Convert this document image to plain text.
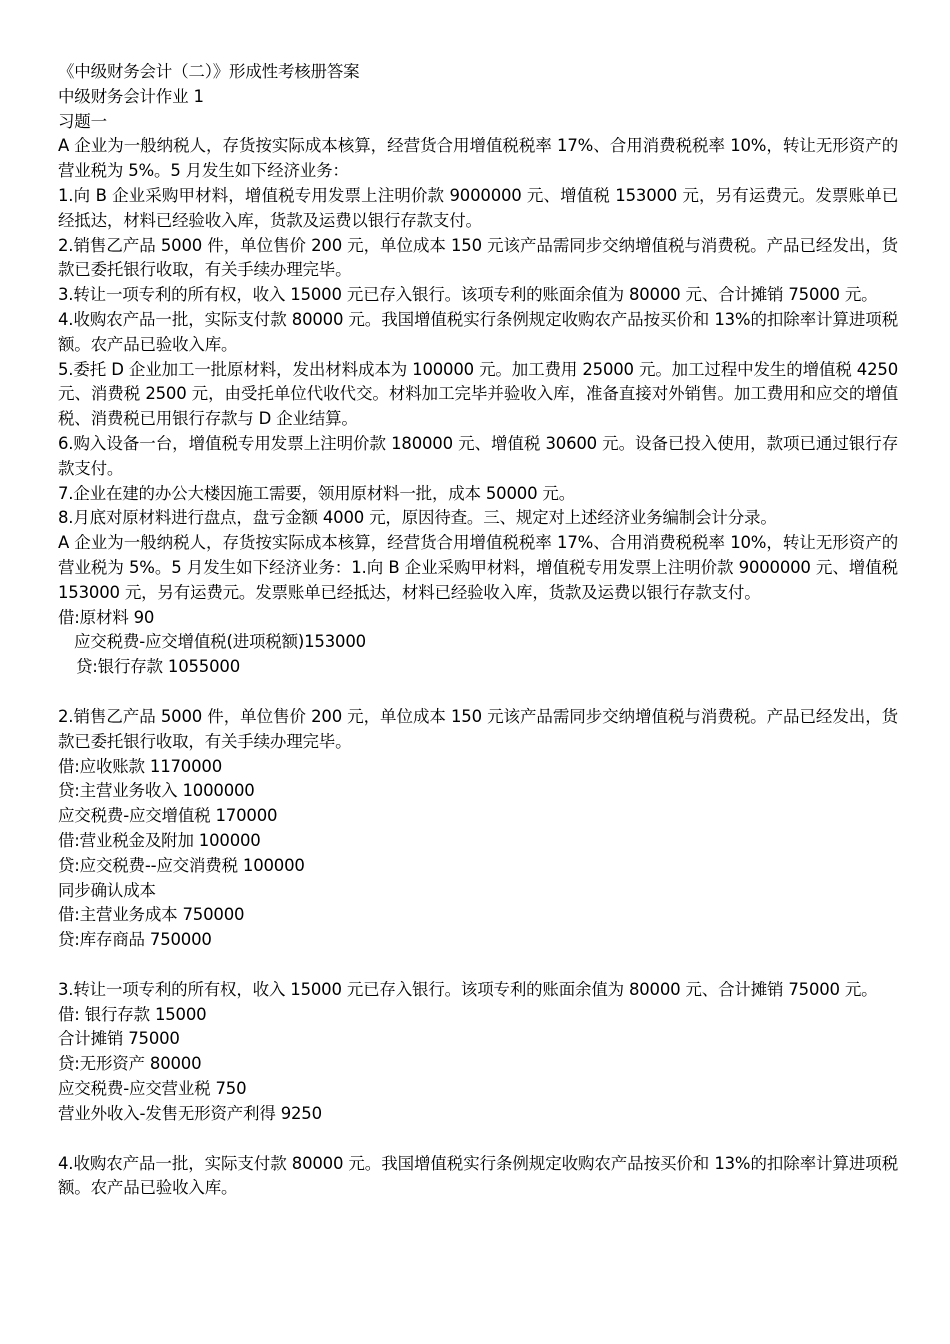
《中级财务会计（二）》形成性考核册答案
中级财务会计作业 1
习题一
A 企业为一般纳税人，存货按实际成本核算，经营货合用增值税税率 17%、合用消费税税率 10%，转让无形资产的营业税为 5%。5 月发生如下经济业务：
1.向 B 企业采购甲材料，增值税专用发票上注明价款 9000000 元、增值税 153000 元，另有运费元。发票账单已经抵达，材料已经验收入库，货款及运费以银行存款支付。
2.销售乙产品 5000 件，单位售价 200 元，单位成本 150 元该产品需同步交纳增值税与消费税。产品已经发出，货款已委托银行收取，有关手续办理完毕。
3.转让一项专利的所有权，收入 15000 元已存入银行。该项专利的账面余值为 80000 元、合计摊销 75000 元。
4.收购农产品一批，实际支付款 80000 元。我国增值税实行条例规定收购农产品按买价和 13%的扣除率计算进项税额。农产品已验收入库。
5.委托 D 企业加工一批原材料，发出材料成本为 100000 元。加工费用 25000 元。加工过程中发生的增值税 4250 元、消费税 2500 元，由受托单位代收代交。材料加工完毕并验收入库，准备直接对外销售。加工费用和应交的增值税、消费税已用银行存款与 D 企业结算。
6.购入设备一台，增值税专用发票上注明价款 180000 元、增值税 30600 元。设备已投入使用，款项已通过银行存款支付。
7.企业在建的办公大楼因施工需要，领用原材料一批，成本 50000 元。
8.月底对原材料进行盘点，盘亏金额 4000 元，原因待查。三、规定对上述经济业务编制会计分录。
A 企业为一般纳税人，存货按实际成本核算，经营货合用增值税税率 17%、合用消费税税率 10%，转让无形资产的营业税为 5%。5 月发生如下经济业务：1.向 B 企业采购甲材料，增值税专用发票上注明价款 9000000 元、增值税 153000 元，另有运费元。发票账单已经抵达，材料已经验收入库，货款及运费以银行存款支付。
借:原材料 90
应交税费-应交增值税(进项税额)153000
贷:银行存款 1055000
2.销售乙产品 5000 件，单位售价 200 元，单位成本 150 元该产品需同步交纳增值税与消费税。产品已经发出，货款已委托银行收取，有关手续办理完毕。
借:应收账款 1170000
贷:主营业务收入 1000000
应交税费-应交增值税 170000
借:营业税金及附加 100000
贷:应交税费--应交消费税 100000
同步确认成本
借:主营业务成本 750000
贷:库存商品 750000
3.转让一项专利的所有权，收入 15000 元已存入银行。该项专利的账面余值为 80000 元、合计摊销 75000 元。
借: 银行存款 15000
合计摊销 75000
贷:无形资产 80000
应交税费-应交营业税 750
营业外收入-发售无形资产利得 9250
4.收购农产品一批，实际支付款 80000 元。我国增值税实行条例规定收购农产品按买价和 13%的扣除率计算进项税额。农产品已验收入库。
